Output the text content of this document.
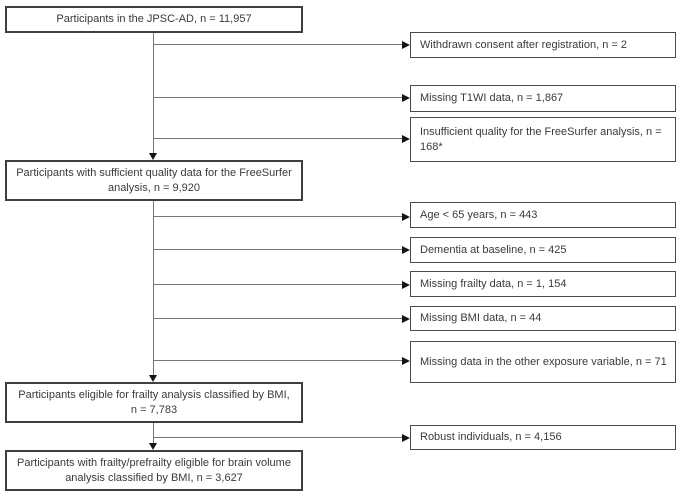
Participants in the JPSC-AD, n = 11,957
Participants with sufficient quality data for the FreeSurfer analysis, n = 9,920
Participants eligible for frailty analysis classified by BMI, n = 7,783
Participants with frailty/prefrailty eligible for brain volume analysis classified by BMI, n = 3,627
Withdrawn consent after registration, n = 2
Missing T1WI data, n = 1,867
Insufficient quality for the FreeSurfer analysis, n = 168*
Age < 65 years, n = 443
Dementia at baseline, n = 425
Missing frailty data, n = 1, 154
Missing BMI data, n = 44
Missing data in the other exposure variable, n = 71
Robust individuals, n = 4,156
